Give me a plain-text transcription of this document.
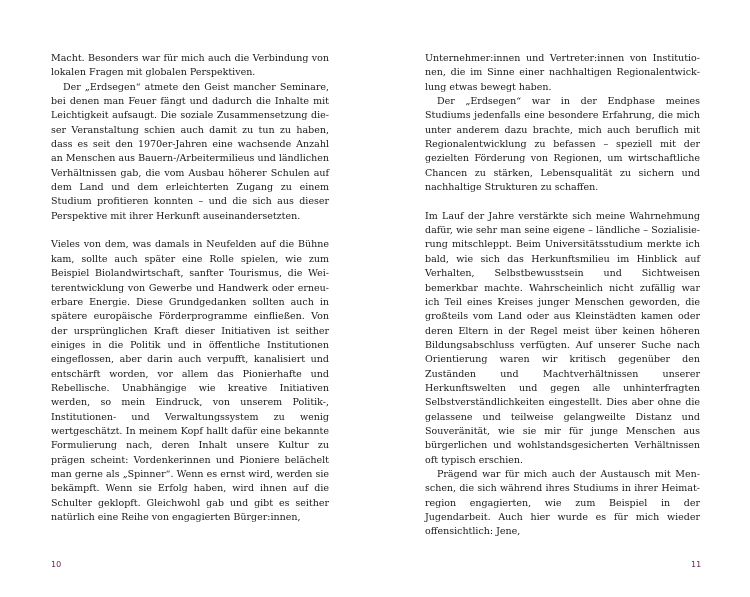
Macht. Besonders war für mich auch die Verbindung von lokalen Fragen mit globalen Perspektiven.

Der „Erdsegen“ atmete den Geist mancher Seminare, bei denen man Feuer fängt und dadurch die Inhalte mit Leichtigkeit aufsaugt. Die soziale Zusammensetzung dieser Veranstaltung schien auch damit zu tun zu haben, dass es seit den 1970er-Jahren eine wachsende Anzahl an Menschen aus Bauern-/Arbeitermilieus und ländlichen Verhältnissen gab, die vom Ausbau höherer Schulen auf dem Land und dem erleichterten Zugang zu einem Studium profitieren konnten – und die sich aus dieser Perspektive mit ihrer Herkunft auseinandersetzten.

Vieles von dem, was damals in Neufelden auf die Bühne kam, sollte auch später eine Rolle spielen, wie zum Beispiel Biolandwirtschaft, sanfter Tourismus, die Weiterentwicklung von Gewerbe und Handwerk oder erneuerbare Energie. Diese Grundgedanken sollten auch in spätere europäische Förderprogramme einfließen. Von der ursprünglichen Kraft dieser Initiativen ist seither einiges in die Politik und in öffentliche Institutionen eingeflossen, aber darin auch verpufft, kanalisiert und entschärft worden, vor allem das Pionierhafte und Rebellische. Unabhängige wie kreative Initiativen werden, so mein Eindruck, von unserem Politik-, Institutionen- und Verwaltungssystem zu wenig wertgeschätzt. In meinem Kopf hallt dafür eine bekannte Formulierung nach, deren Inhalt unsere Kultur zu prägen scheint: Vordenkerinnen und Pioniere belächelt man gerne als „Spinner“. Wenn es ernst wird, werden sie bekämpft. Wenn sie Erfolg haben, wird ihnen auf die Schulter geklopft. Gleichwohl gab und gibt es seither natürlich eine Reihe von engagierten Bürger:innen,

Unternehmer:innen und Vertreter:innen von Institutionen, die im Sinne einer nachhaltigen Regionalentwicklung etwas bewegt haben.

Der „Erdsegen“ war in der Endphase meines Studiums jedenfalls eine besondere Erfahrung, die mich unter anderem dazu brachte, mich auch beruflich mit Regionalentwicklung zu befassen – speziell mit der gezielten Förderung von Regionen, um wirtschaftliche Chancen zu stärken, Lebensqualität zu sichern und nachhaltige Strukturen zu schaffen.

Im Lauf der Jahre verstärkte sich meine Wahrnehmung dafür, wie sehr man seine eigene – ländliche – Sozialisierung mitschleppt. Beim Universitätsstudium merkte ich bald, wie sich das Herkunftsmilieu im Hinblick auf Verhalten, Selbstbewusstsein und Sichtweisen bemerkbar machte. Wahrscheinlich nicht zufällig war ich Teil eines Kreises junger Menschen geworden, die großteils vom Land oder aus Kleinstädten kamen oder deren Eltern in der Regel meist über keinen höheren Bildungsabschluss verfügten. Auf unserer Suche nach Orientierung waren wir kritisch gegenüber den Zuständen und Machtverhältnissen unserer Herkunftswelten und gegen alle unhinterfragten Selbstverständlichkeiten eingestellt. Dies aber ohne die gelassene und teilweise gelangweilte Distanz und Souveränität, wie sie mir für junge Menschen aus bürgerlichen und wohlstandsgesicherten Verhältnissen oft typisch erschien.

Prägend war für mich auch der Austausch mit Menschen, die sich während ihres Studiums in ihrer Heimatregion engagierten, wie zum Beispiel in der Jugendarbeit. Auch hier wurde es für mich wieder offensichtlich: Jene,

10	11
